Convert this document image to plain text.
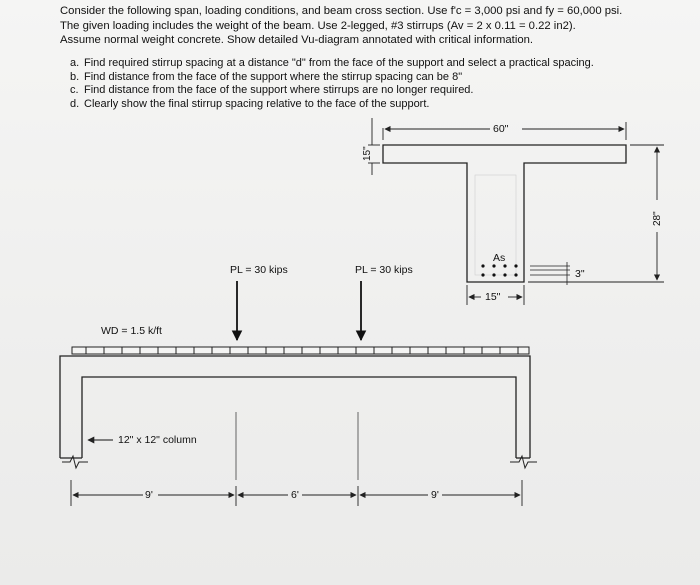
Consider the following span, loading conditions, and beam cross section. Use f'c = 3,000 psi and fy = 60,000 psi.
The given loading includes the weight of the beam. Use 2-legged, #3 stirrups (Av = 2 x 0.11 = 0.22 in2).
Assume normal weight concrete. Show detailed Vu-diagram annotated with critical information.
a. Find required stirrup spacing at a distance "d" from the face of the support and select a practical spacing.
b. Find distance from the face of the support where the stirrup spacing can be 8"
c. Find distance from the face of the support where stirrups are no longer required.
d. Clearly show the final stirrup spacing relative to the face of the support.
60"
15"
28"
15"
As
3"
PL = 30 kips	PL = 30 kips
WD = 1.5 k/ft
12" x 12" column
9'	6'	9'
